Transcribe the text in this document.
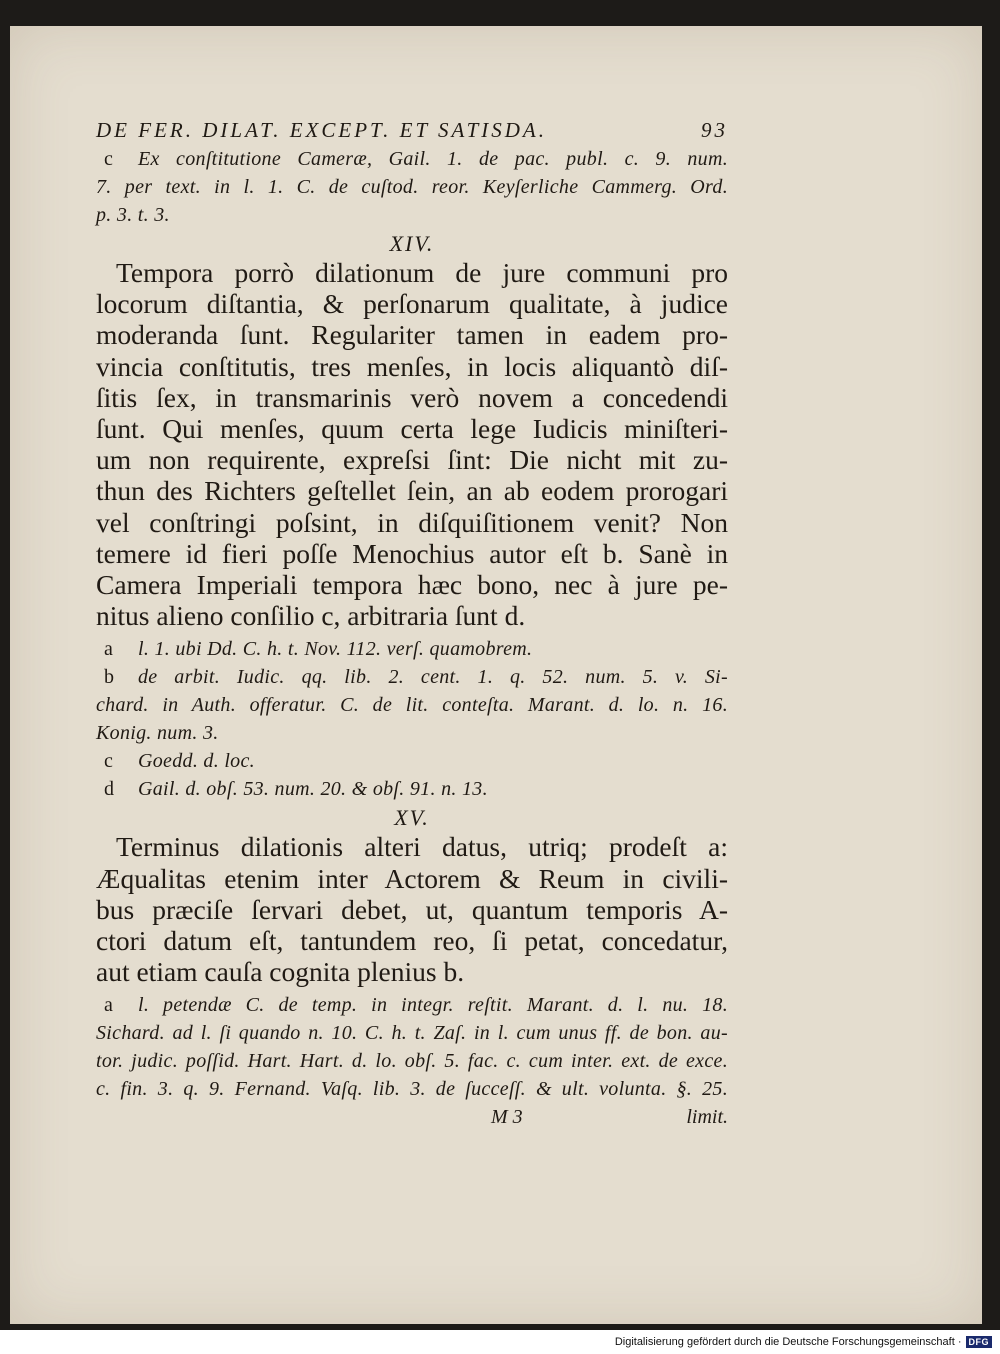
DE FER. DILAT. EXCEPT. ET SATISDA.	93
c Ex conſtitutione Cameræ, Gail. 1. de pac. publ. c. 9. num.
7. per text. in l. 1. C. de cuſtod. reor. Keyſerliche Cammerg. Ord.
p. 3. t. 3.
XIV.
Tempora porrò dilationum de jure communi pro
locorum diſtantia, & perſonarum qualitate, à judice
moderanda ſunt. Regulariter tamen in eadem pro-
vincia conſtitutis, tres menſes, in locis aliquantò diſ-
ſitis ſex, in transmarinis verò novem a concedendi
ſunt. Qui menſes, quum certa lege Iudicis miniſteri-
um non requirente, expreſsi ſint: Die nicht mit zu-
thun des Richters geſtellet ſein, an ab eodem prorogari
vel conſtringi poſsint, in diſquiſitionem venit? Non
temere id fieri poſſe Menochius autor eſt b. Sanè in
Camera Imperiali tempora hæc bono, nec à jure pe-
nitus alieno conſilio c, arbitraria ſunt d.
a l. 1. ubi Dd. C. h. t. Nov. 112. verſ. quamobrem.
b de arbit. Iudic. qq. lib. 2. cent. 1. q. 52. num. 5. v. Si-
chard. in Auth. offeratur. C. de lit. conteſta. Marant. d. lo. n. 16.
Konig. num. 3.
c Goedd. d. loc.
d Gail. d. obſ. 53. num. 20. & obſ. 91. n. 13.
XV.
Terminus dilationis alteri datus, utriq; prodeſt a:
Æqualitas etenim inter Actorem & Reum in civili-
bus præciſe ſervari debet, ut, quantum temporis A-
ctori datum eſt, tantundem reo, ſi petat, concedatur,
aut etiam cauſa cognita plenius b.
a l. petendæ C. de temp. in integr. reſtit. Marant. d. l. nu. 18.
Sichard. ad l. ſi quando n. 10. C. h. t. Zaſ. in l. cum unus ff. de bon. au-
tor. judic. poſſid. Hart. Hart. d. lo. obſ. 5. fac. c. cum inter. ext. de exce.
c. fin. 3. q. 9. Fernand. Vaſq. lib. 3. de ſucceſſ. & ult. volunta. §. 25.
M 3	limit.
Digitalisierung gefördert durch die Deutsche Forschungsgemeinschaft · DFG
